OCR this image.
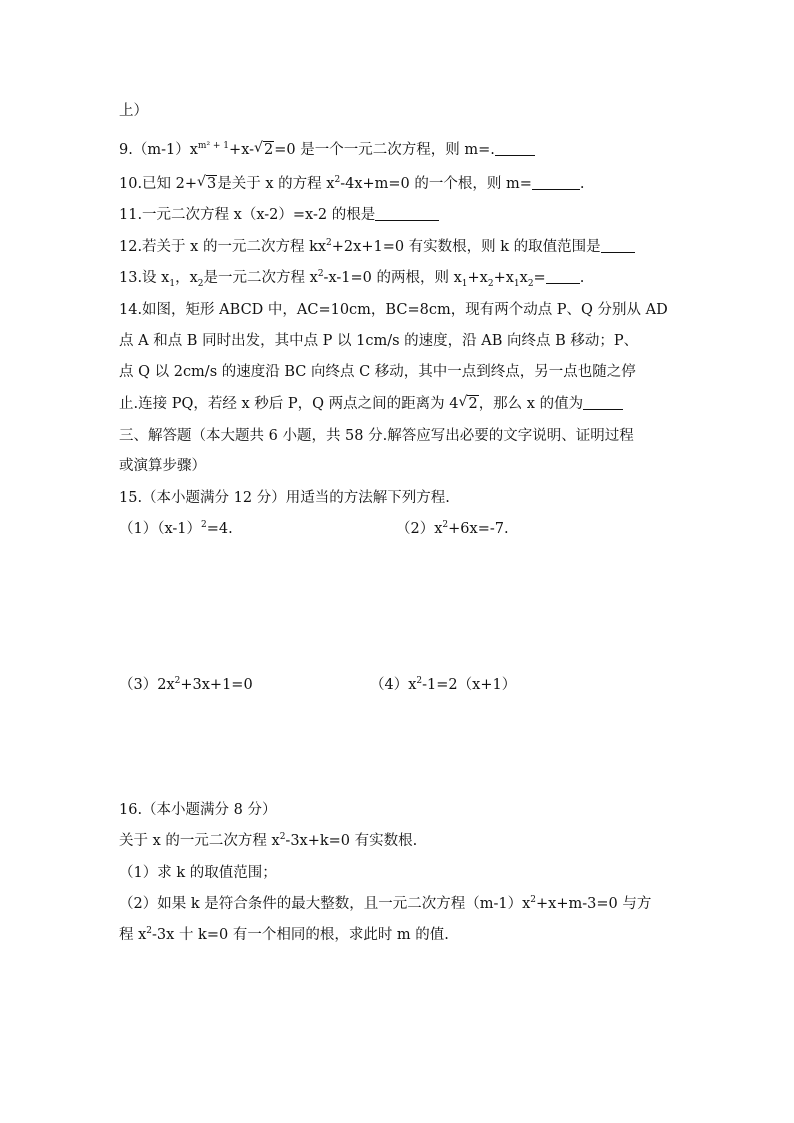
上）
$9.(m-1)x^{m^2 + 1}+x-√$ 2=0 是一个一元二次方程，则 m=.
10.已知 2+√ 3是关于 x 的方程 $x^2-4x+m=0$ 的一个根，则 m=	.
11.一元二次方程 x（x-2）=x-2 的根是
12.若关于 x 的一元二次方程 $kx^2+2x+1=0$ 有实数根，则 k 的取值范围是
13.设 $x_1$，$x_2$是一元二次方程 $x^2-x-1=0$ 的两根，则 $x_1+x_2+x_1x_2=$ .
14.如图，矩形 ABCD 中，AC=10cm，BC=8cm，现有两个动点 P、Q 分别从 AD
点 A 和点 B 同时出发，其中点 P 以 1cm/s 的速度，沿 AB 向终点 B 移动；P、
点 Q 以 2cm/s 的速度沿 BC 向终点 C 移动，其中一点到终点，另一点也随之停
止.连接 PQ，若经 x 秒后 P，Q 两点之间的距离为 4√ 2，那么 x 的值为
三、解答题（本大题共 6 小题，共 58 分.解答应写出必要的文字说明、证明过程
或演算步骤）
15.（本小题满分 12 分）用适当的方法解下列方程.
$(1)(x-1)^2=4$.	$(2)x^2+6x=-7$.
$(3)2x^2+3x+1=0$	$(4)x^2-1=2(x+1)$
16.（本小题满分 8 分）
关于 x 的一元二次方程 $x^2-3x+k=0$ 有实数根.
（1）求 k 的取值范围；
（2）如果 k 是符合条件的最大整数，且一元二次方程$(m-1)x^2+x+m-3=0$ 与方
程 $x^2-3x$ 十 k=0 有一个相同的根，求此时 m 的值.
